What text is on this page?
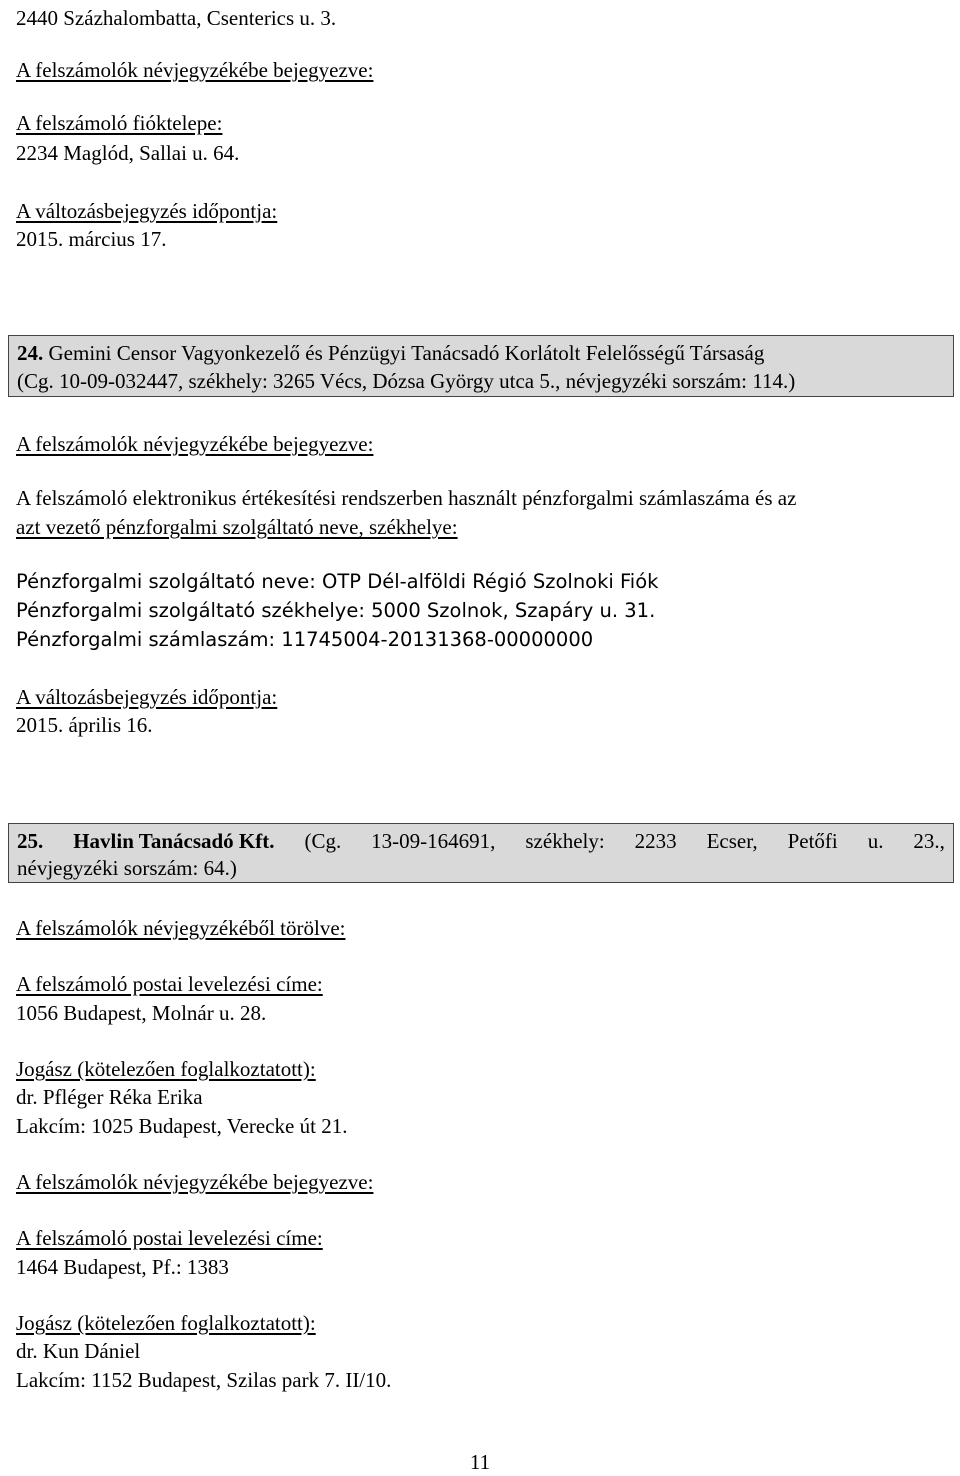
2440 Százhalombatta, Csenterics u. 3.

A felszámolók névjegyzékébe bejegyezve:

A felszámoló fióktelepe:

2234 Maglód, Sallai u. 64.

A változásbejegyzés időpontja:

2015. március 17.

24. Gemini Censor Vagyonkezelő és Pénzügyi Tanácsadó Korlátolt Felelősségű Társaság

(Cg. 10-09-032447, székhely: 3265 Vécs, Dózsa György utca 5., névjegyzéki sorszám: 114.)

A felszámolók névjegyzékébe bejegyezve:

A felszámoló elektronikus értékesítési rendszerben használt pénzforgalmi számlaszáma és az

azt vezető pénzforgalmi szolgáltató neve, székhelye:

Pénzforgalmi szolgáltató neve: OTP Dél-alföldi Régió Szolnoki Fiók

Pénzforgalmi szolgáltató székhelye: 5000 Szolnok, Szapáry u. 31.

Pénzforgalmi számlaszám: 11745004-20131368-00000000

A változásbejegyzés időpontja:

2015. április 16.

25. Havlin Tanácsadó Kft. (Cg. 13-09-164691, székhely: 2233 Ecser, Petőfi u. 23.,

névjegyzéki sorszám: 64.)

A felszámolók névjegyzékéből törölve:

A felszámoló postai levelezési címe:

1056 Budapest, Molnár u. 28.

Jogász (kötelezően foglalkoztatott):

dr. Pfléger Réka Erika

Lakcím: 1025 Budapest, Verecke út 21.

A felszámolók névjegyzékébe bejegyezve:

A felszámoló postai levelezési címe:

1464 Budapest, Pf.: 1383

Jogász (kötelezően foglalkoztatott):

dr. Kun Dániel

Lakcím: 1152 Budapest, Szilas park 7. II/10.

11
